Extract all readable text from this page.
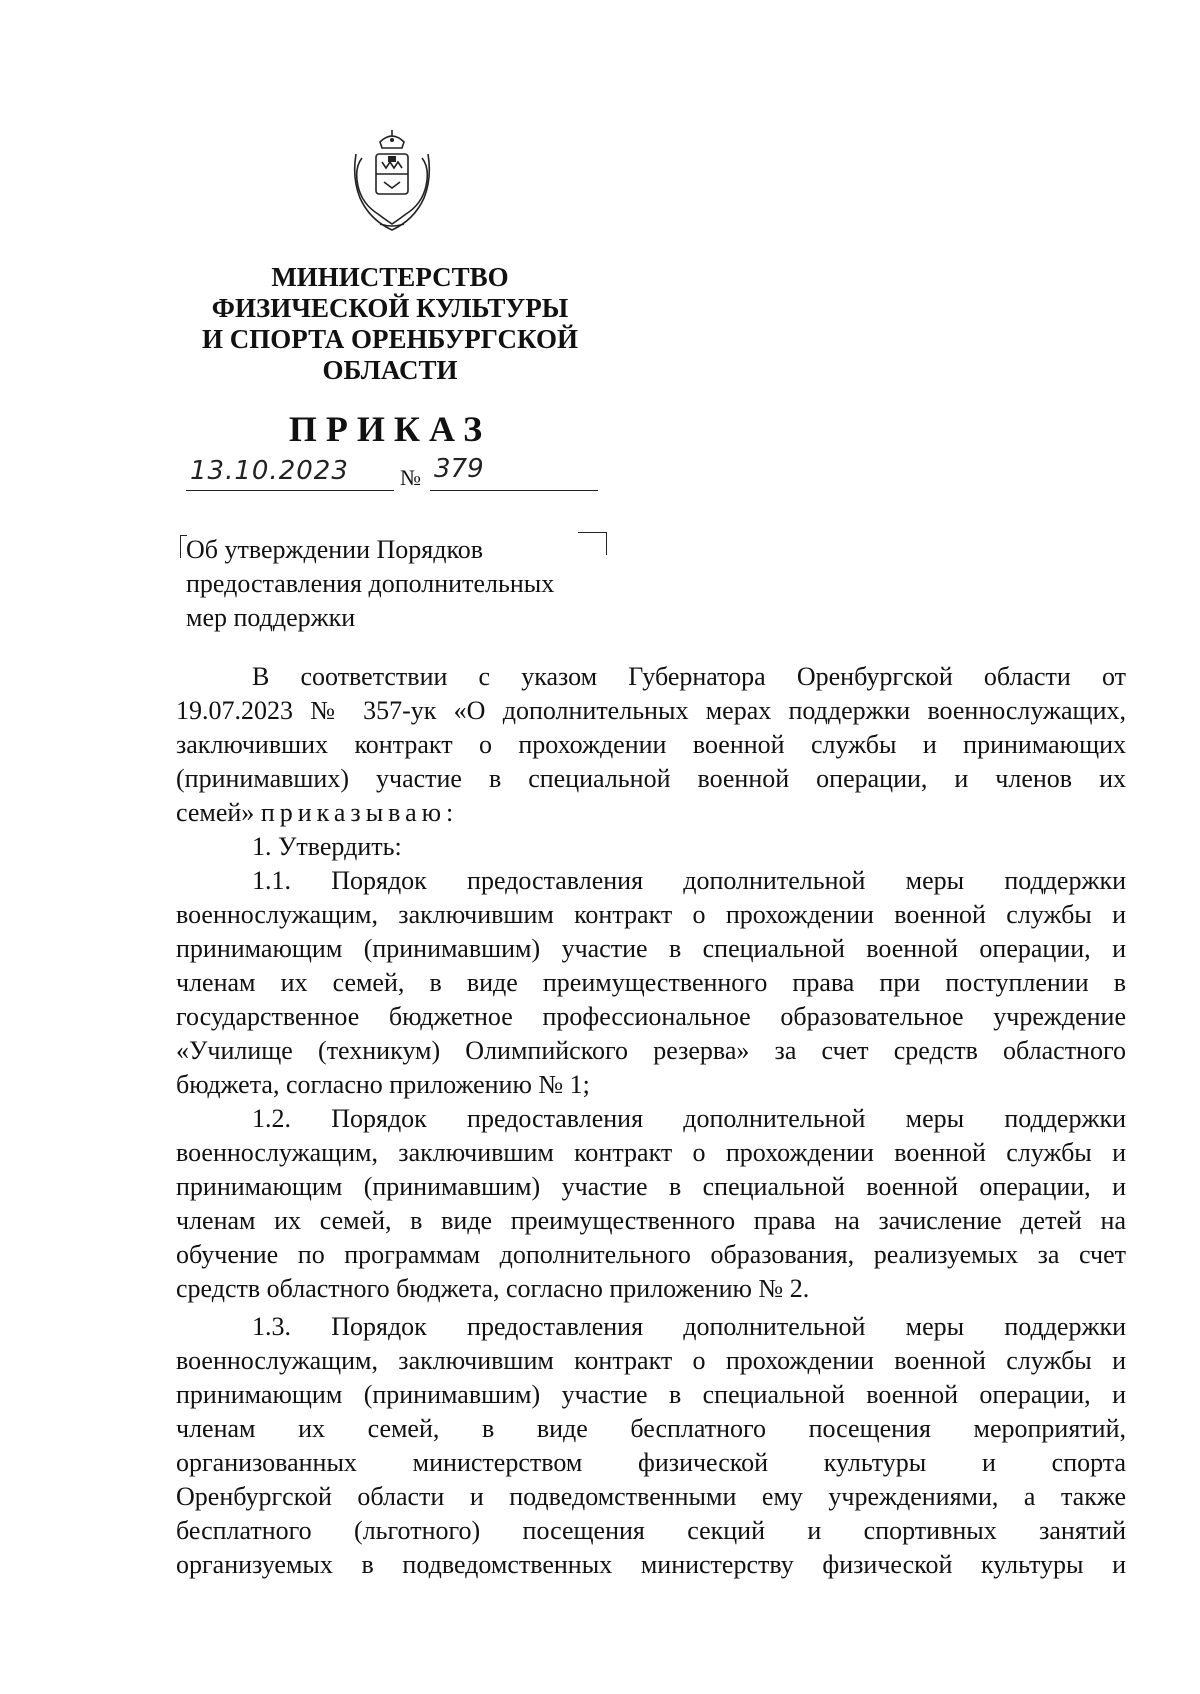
МИНИСТЕРСТВО
ФИЗИЧЕСКОЙ КУЛЬТУРЫ
И СПОРТА ОРЕНБУРГСКОЙ
ОБЛАСТИ
ПРИКАЗ
13.10.2023 № 379
Об утверждении Порядков
предоставления дополнительных
мер поддержки
В соответствии с указом Губернатора Оренбургской области от
19.07.2023 № 357-ук «О дополнительных мерах поддержки военнослужащих,
заключивших контракт о прохождении военной службы и принимающих
(принимавших) участие в специальной военной операции, и членов их
семей» приказываю:
1. Утвердить:
1.1. Порядок предоставления дополнительной меры поддержки
военнослужащим, заключившим контракт о прохождении военной службы и
принимающим (принимавшим) участие в специальной военной операции, и
членам их семей, в виде преимущественного права при поступлении в
государственное бюджетное профессиональное образовательное учреждение
«Училище (техникум) Олимпийского резерва» за счет средств областного
бюджета, согласно приложению № 1;
1.2. Порядок предоставления дополнительной меры поддержки
военнослужащим, заключившим контракт о прохождении военной службы и
принимающим (принимавшим) участие в специальной военной операции, и
членам их семей, в виде преимущественного права на зачисление детей на
обучение по программам дополнительного образования, реализуемых за счет
средств областного бюджета, согласно приложению № 2.
1.3. Порядок предоставления дополнительной меры поддержки
военнослужащим, заключившим контракт о прохождении военной службы и
принимающим (принимавшим) участие в специальной военной операции, и
членам их семей, в виде бесплатного посещения мероприятий,
организованных министерством физической культуры и спорта
Оренбургской области и подведомственными ему учреждениями, а также
бесплатного (льготного) посещения секций и спортивных занятий
организуемых в подведомственных министерству физической культуры и
